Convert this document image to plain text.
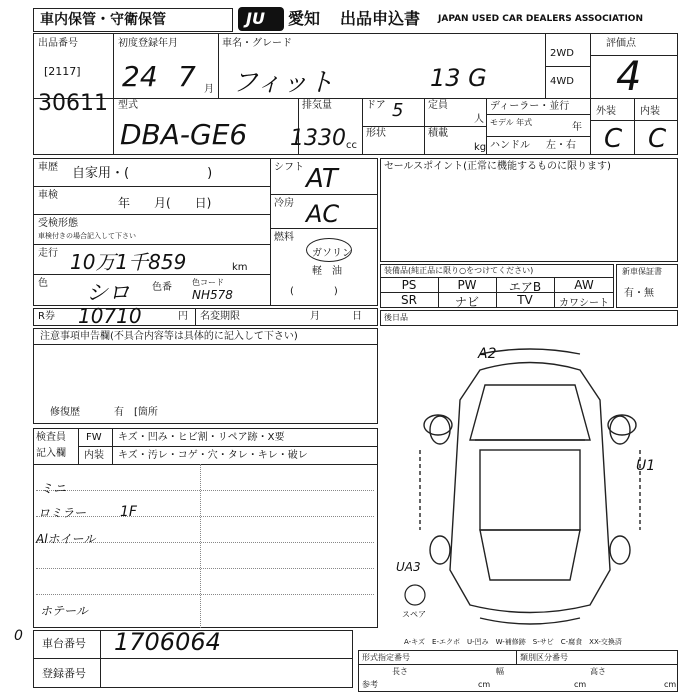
車内保管・守衛保管	JU 愛知 出品申込書 JAPAN USED CAR DEALERS ASSOCIATION
出品番号
[2117]
30611
初度登録年月
24 7 月
車名・グレード
フィット	13 G
2WD
4WD
評価点
4
型式
DBA-GE6
排気量
1330 cc
ドア 5
形状
定員
人
積載
kg
ディーラー・並行
モデル 年式	年
ハンドル 左・右
外装 内装
C C
車歴 自家用・(　　　　　　)
車検
年　　月(　　日)
受検形態
車検付きの場合記入して下さい
走行 10万1千859	km
色 シロ 色番	色コード
NH578
シフト AT
冷房 AC
燃料
ガソリン
軽　油
(　　　　)
セールスポイント(正常に機能するものに限ります)
装備品(純正品に限り○をつけてください)
PS	PW	エアB	AW
SR	ナビ	TV	カワシート
新車保証書
有・無
R券 10710	円 名変期限	月	日	後日品
注意事項申告欄(不具合内容等は具体的に記入して下さい)
修復歴	有　[箇所
検査員
記入欄
FW キズ・凹み・ヒビ割・リペア跡・X要
内装 キズ・汚レ・コゲ・穴・タレ・キレ・破レ
ミニ
ロミラー 1F
Alホイール
ホテール
A2
U1
UA3
スペア
A-キズ　E-エクボ　U-凹み　W-補修跡　S-サビ　C-腐食　XX-交換済
0 車台番号 1706064
登録番号
形式指定番号	類別区分番号
長さ	幅	高さ
参考	cm	cm	cm
